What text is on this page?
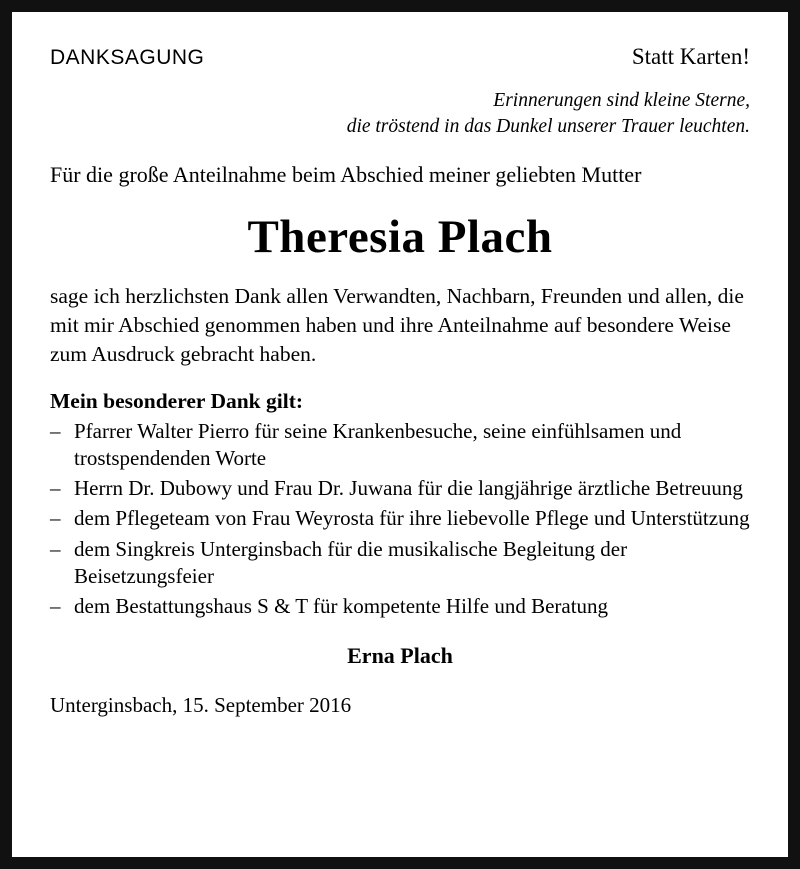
DANKSAGUNG	Statt Karten!
Erinnerungen sind kleine Sterne,
die tröstend in das Dunkel unserer Trauer leuchten.
Für die große Anteilnahme beim Abschied meiner geliebten Mutter
Theresia Plach
sage ich herzlichsten Dank allen Verwandten, Nachbarn, Freunden und allen, die mit mir Abschied genommen haben und ihre Anteilnahme auf besondere Weise zum Ausdruck gebracht haben.
Mein besonderer Dank gilt:
– Pfarrer Walter Pierro für seine Krankenbesuche, seine einfühlsamen und trostspendenden Worte
– Herrn Dr. Dubowy und Frau Dr. Juwana für die langjährige ärztliche Betreuung
– dem Pflegeteam von Frau Weyrosta für ihre liebevolle Pflege und Unterstützung
– dem Singkreis Unterginsbach für die musikalische Begleitung der Beisetzungsfeier
– dem Bestattungshaus S & T für kompetente Hilfe und Beratung
Erna Plach
Unterginsbach, 15. September 2016
